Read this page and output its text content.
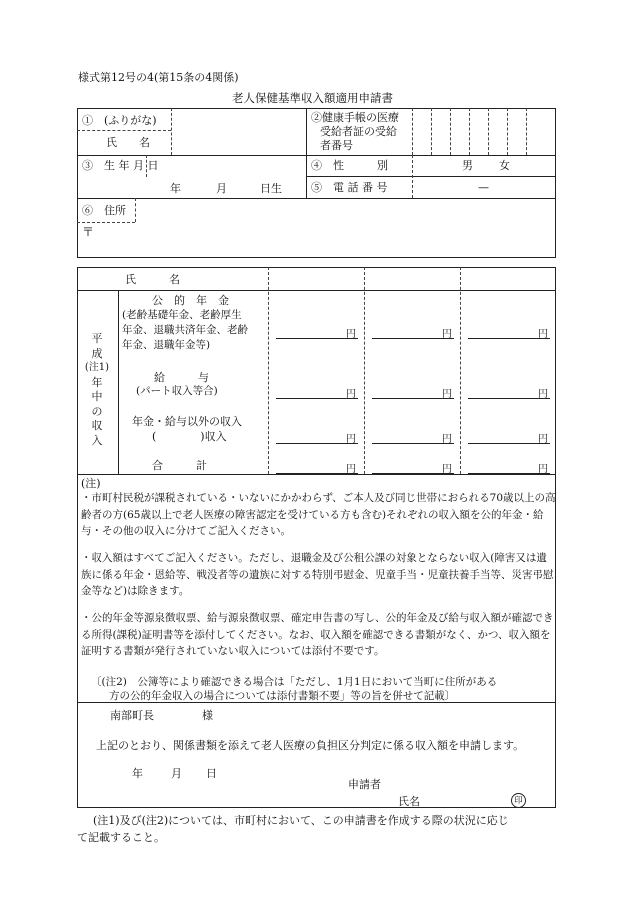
様式第12号の4(第15条の4関係)
老人保健基準収入額適用申請書
①　(ふりがな)
氏　　名
②健康手帳の医療
受給者証の受給
者番号
③　生 年 月 日
年	月	日生
④　性　　　別	男 女
⑤　電 話 番 号	—
⑥　住所
〒
氏　　　名
平
成
(注1)
年
中
の
収
入
公　的　年　金
(老齢基礎年金、老齢厚生
年金、退職共済年金、老齢
年金、退職年金等)
円	円	円
給　　　与
(パート収入等合)	円	円	円
年金・給与以外の収入
(　　　　)収入	円	円	円
合　　　計	円	円	円
(注)
・市町村民税が課税されている・いないにかかわらず、ご本人及び同じ世帯におられる70歳以上の高齢者の方(65歳以上で老人医療の障害認定を受けている方も含む)それぞれの収入額を公的年金・給与・その他の収入に分けてご記入ください。
・収入額はすべてご記入ください。ただし、退職金及び公租公課の対象とならない収入(障害又は遺族に係る年金・恩給等、戦没者等の遺族に対する特別弔慰金、児童手当・児童扶養手当等、災害弔慰金等など)は除きます。
・公的年金等源泉徴収票、給与源泉徴収票、確定申告書の写し、公的年金及び給与収入額が確認できる所得(課税)証明書等を添付してください。なお、収入額を確認できる書類がなく、かつ、収入額を証明する書類が発行されていない収入については添付不要です。
〔(注2)　公簿等により確認できる場合は「ただし、1月1日において当町に住所がある
方の公的年金収入の場合については添付書類不要」等の旨を併せて記載〕
南部町長	様
上記のとおり、関係書類を添えて老人医療の負担区分判定に係る収入額を申請します。
年	月 日
申請者
氏名	印
(注1)及び(注2)については、市町村において、この申請書を作成する際の状況に応じ
て記載すること。
